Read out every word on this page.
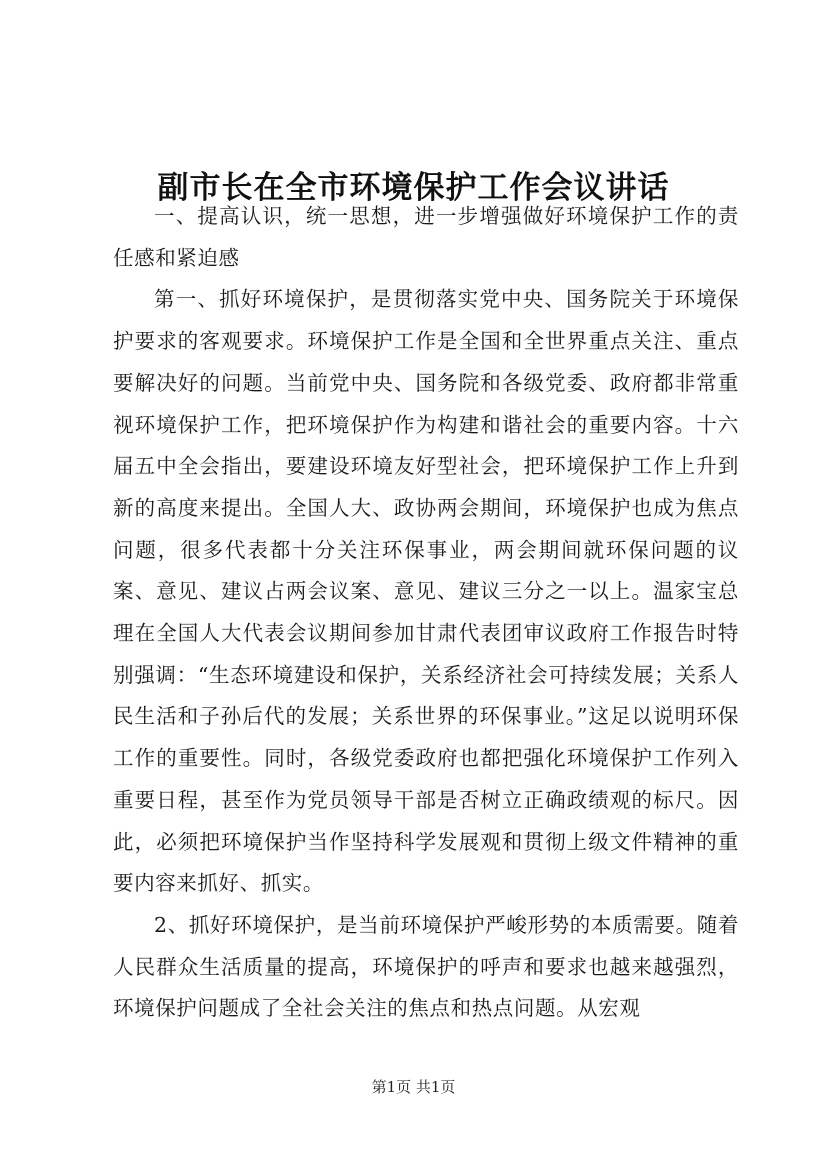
副市长在全市环境保护工作会议讲话

一、提高认识，统一思想，进一步增强做好环境保护工作的责任感和紧迫感

第一、抓好环境保护，是贯彻落实党中央、国务院关于环境保护要求的客观要求。环境保护工作是全国和全世界重点关注、重点要解决好的问题。当前党中央、国务院和各级党委、政府都非常重视环境保护工作，把环境保护作为构建和谐社会的重要内容。十六届五中全会指出，要建设环境友好型社会，把环境保护工作上升到新的高度来提出。全国人大、政协两会期间，环境保护也成为焦点问题，很多代表都十分关注环保事业，两会期间就环保问题的议案、意见、建议占两会议案、意见、建议三分之一以上。温家宝总理在全国人大代表会议期间参加甘肃代表团审议政府工作报告时特别强调：“生态环境建设和保护，关系经济社会可持续发展；关系人民生活和子孙后代的发展；关系世界的环保事业。”这足以说明环保工作的重要性。同时，各级党委政府也都把强化环境保护工作列入重要日程，甚至作为党员领导干部是否树立正确政绩观的标尺。因此，必须把环境保护当作坚持科学发展观和贯彻上级文件精神的重要内容来抓好、抓实。

2、抓好环境保护，是当前环境保护严峻形势的本质需要。随着人民群众生活质量的提高，环境保护的呼声和要求也越来越强烈，环境保护问题成了全社会关注的焦点和热点问题。从宏观

第1页 共1页
